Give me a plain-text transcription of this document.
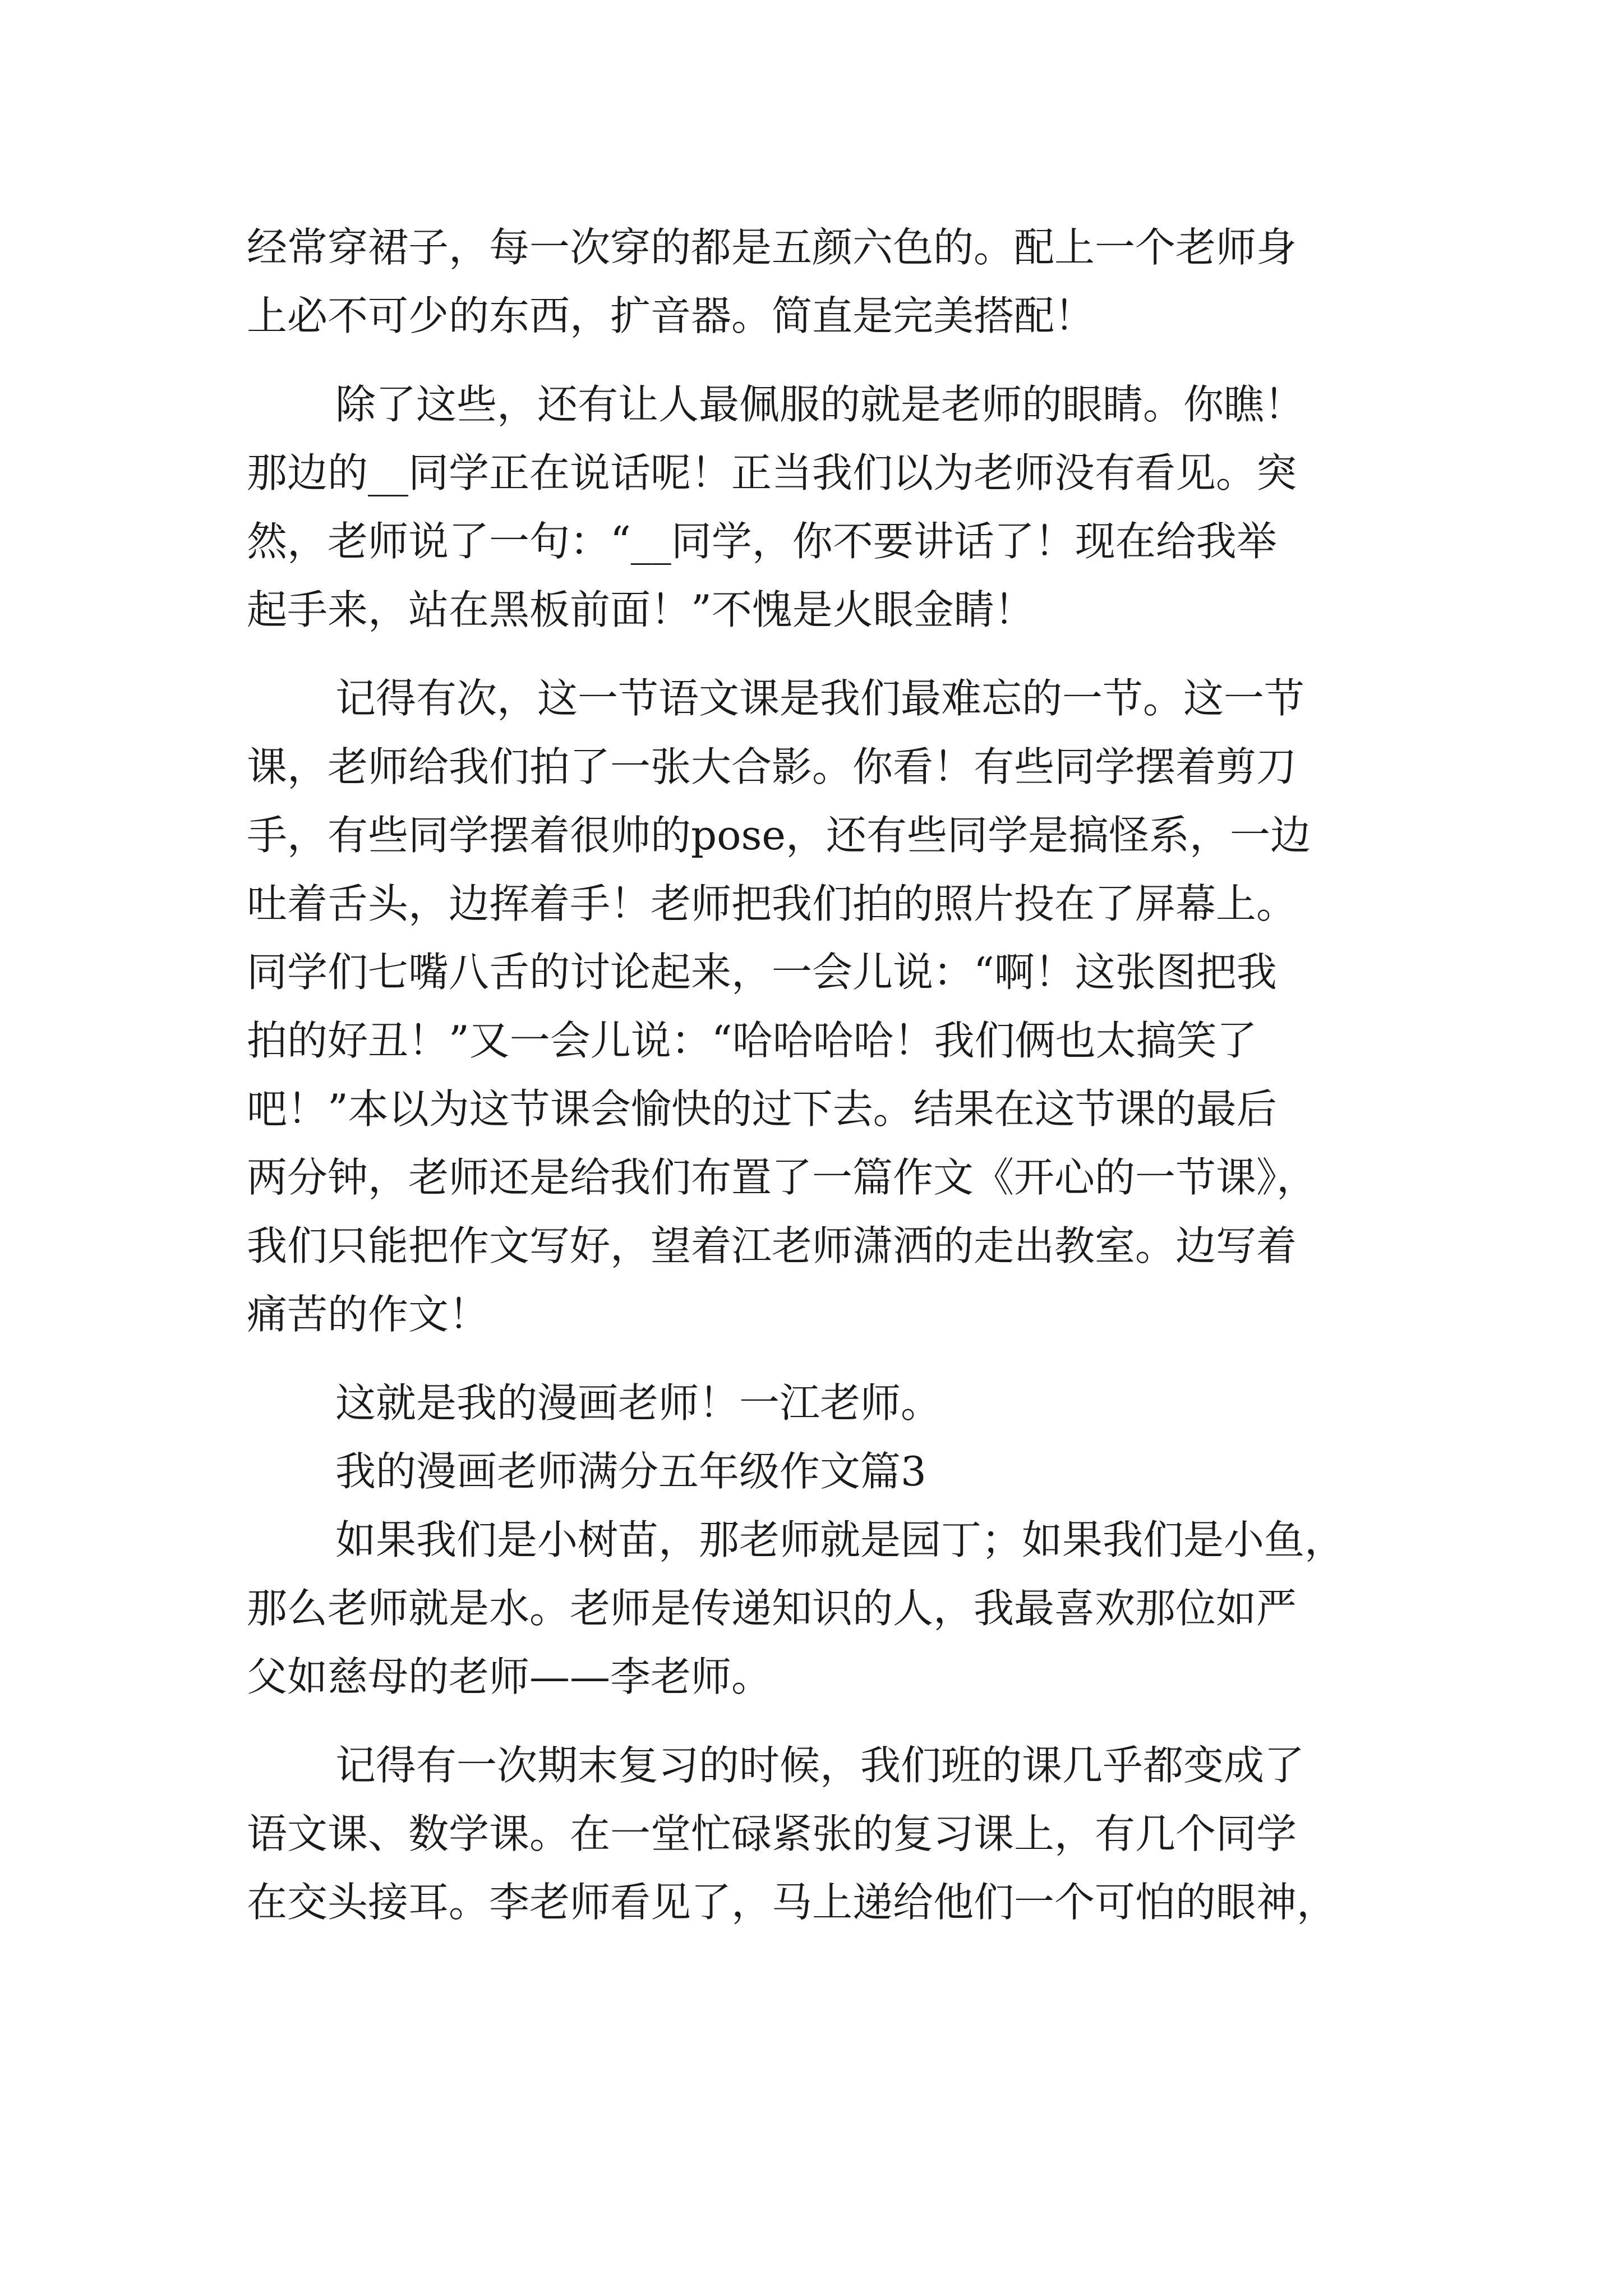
经常穿裙子，每一次穿的都是五颜六色的。配上一个老师身
上必不可少的东西，扩音器。简直是完美搭配！
除了这些，还有让人最佩服的就是老师的眼睛。你瞧！
那边的__同学正在说话呢！正当我们以为老师没有看见。突
然，老师说了一句：“__同学，你不要讲话了！现在给我举
起手来，站在黑板前面！”不愧是火眼金睛！
记得有次，这一节语文课是我们最难忘的一节。这一节
课，老师给我们拍了一张大合影。你看！有些同学摆着剪刀
手，有些同学摆着很帅的pose，还有些同学是搞怪系，一边
吐着舌头，边挥着手！老师把我们拍的照片投在了屏幕上。
同学们七嘴八舌的讨论起来，一会儿说：“啊！这张图把我
拍的好丑！”又一会儿说：“哈哈哈哈！我们俩也太搞笑了
吧！”本以为这节课会愉快的过下去。结果在这节课的最后
两分钟，老师还是给我们布置了一篇作文《开心的一节课》，
我们只能把作文写好，望着江老师潇洒的走出教室。边写着
痛苦的作文！
这就是我的漫画老师！一江老师。
我的漫画老师满分五年级作文篇3
如果我们是小树苗，那老师就是园丁；如果我们是小鱼，
那么老师就是水。老师是传递知识的人，我最喜欢那位如严
父如慈母的老师——李老师。
记得有一次期末复习的时候，我们班的课几乎都变成了
语文课、数学课。在一堂忙碌紧张的复习课上，有几个同学
在交头接耳。李老师看见了，马上递给他们一个可怕的眼神，
